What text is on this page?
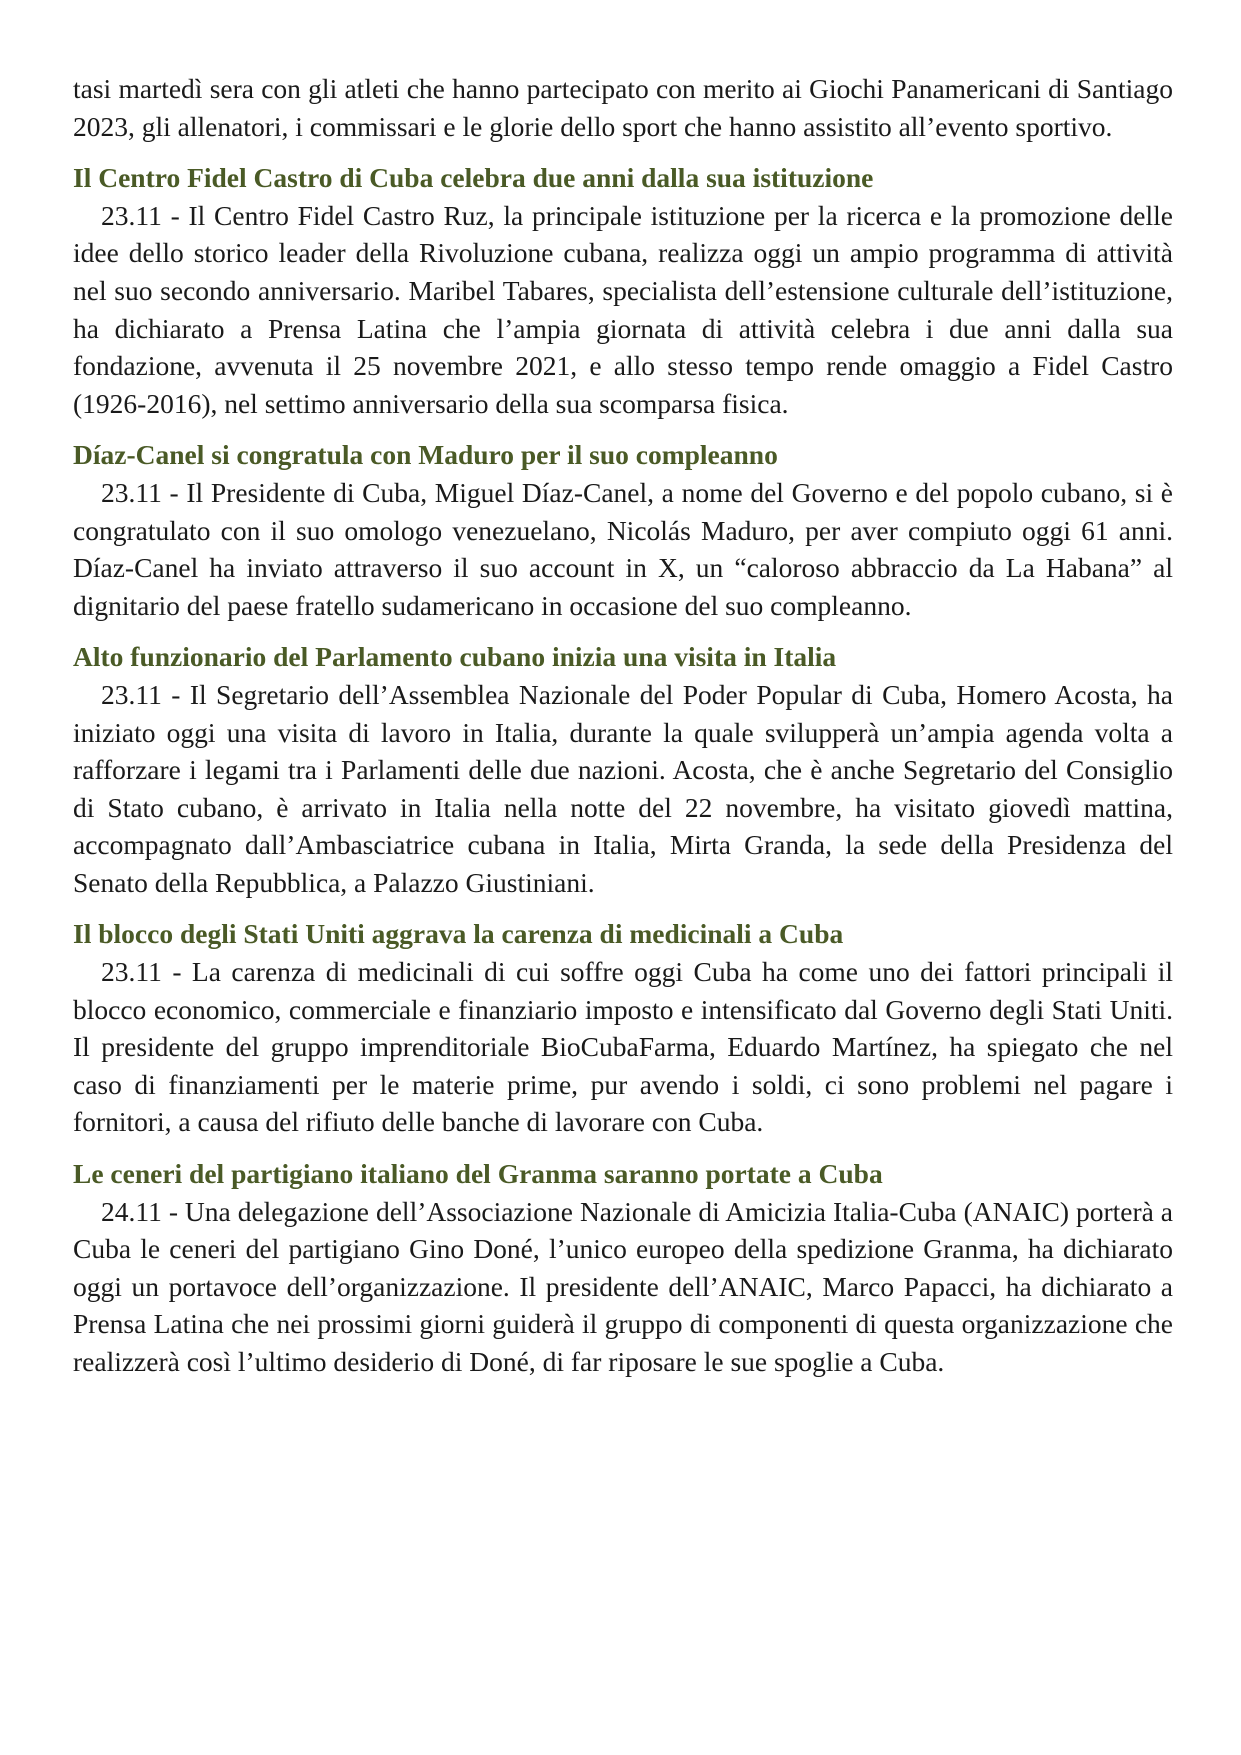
tasi martedì sera con gli atleti che hanno partecipato con merito ai Giochi Panamericani di Santiago 2023, gli allenatori, i commissari e le glorie dello sport che hanno assistito all’evento sportivo.

Il Centro Fidel Castro di Cuba celebra due anni dalla sua istituzione

23.11 - Il Centro Fidel Castro Ruz, la principale istituzione per la ricerca e la promozione delle idee dello storico leader della Rivoluzione cubana, realizza oggi un ampio programma di attività nel suo secondo anniversario. Maribel Tabares, specialista dell’estensione culturale dell’istituzione, ha dichiarato a Prensa Latina che l’ampia giornata di attività celebra i due anni dalla sua fondazione, avvenuta il 25 novembre 2021, e allo stesso tempo rende omaggio a Fidel Castro (1926-2016), nel settimo anniversario della sua scomparsa fisica.

Díaz-Canel si congratula con Maduro per il suo compleanno

23.11 - Il Presidente di Cuba, Miguel Díaz-Canel, a nome del Governo e del popolo cubano, si è congratulato con il suo omologo venezuelano, Nicolás Maduro, per aver compiuto oggi 61 anni. Díaz-Canel ha inviato attraverso il suo account in X, un “caloroso abbraccio da La Habana” al dignitario del paese fratello sudamericano in occasione del suo compleanno.

Alto funzionario del Parlamento cubano inizia una visita in Italia

23.11 - Il Segretario dell’Assemblea Nazionale del Poder Popular di Cuba, Homero Acosta, ha iniziato oggi una visita di lavoro in Italia, durante la quale svilupperà un’ampia agenda volta a rafforzare i legami tra i Parlamenti delle due nazioni. Acosta, che è anche Segretario del Consiglio di Stato cubano, è arrivato in Italia nella notte del 22 novembre, ha visitato giovedì mattina, accompagnato dall’Ambasciatrice cubana in Italia, Mirta Granda, la sede della Presidenza del Senato della Repubblica, a Palazzo Giustiniani.

Il blocco degli Stati Uniti aggrava la carenza di medicinali a Cuba

23.11 - La carenza di medicinali di cui soffre oggi Cuba ha come uno dei fattori principali il blocco economico, commerciale e finanziario imposto e intensificato dal Governo degli Stati Uniti. Il presidente del gruppo imprenditoriale BioCubaFarma, Eduardo Martínez, ha spiegato che nel caso di finanziamenti per le materie prime, pur avendo i soldi, ci sono problemi nel pagare i fornitori, a causa del rifiuto delle banche di lavorare con Cuba.

Le ceneri del partigiano italiano del Granma saranno portate a Cuba

24.11 - Una delegazione dell’Associazione Nazionale di Amicizia Italia-Cuba (ANAIC) porterà a Cuba le ceneri del partigiano Gino Doné, l’unico europeo della spedizione Granma, ha dichiarato oggi un portavoce dell’organizzazione. Il presidente dell’ANAIC, Marco Papacci, ha dichiarato a Prensa Latina che nei prossimi giorni guiderà il gruppo di componenti di questa organizzazione che realizzerà così l’ultimo desiderio di Doné, di far riposare le sue spoglie a Cuba.
